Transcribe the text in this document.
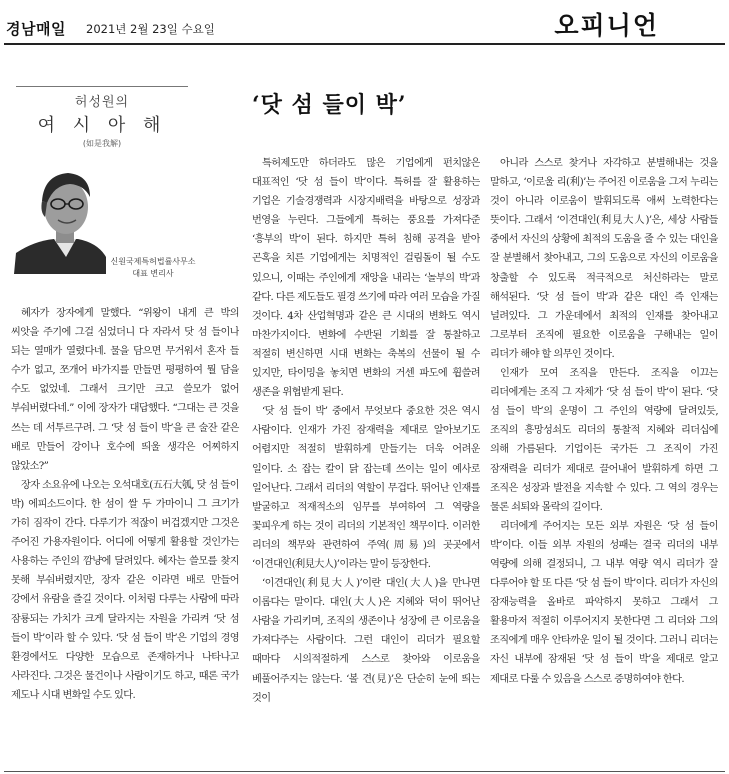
경남매일 2021년 2월 23일 수요일	오피니언
허성원의
여 시 아 해
(如是我解)
신원국제특허법률사무소
대표 변리사
‘닷 섬 들이 박’

혜자가 장자에게 말했다. “위왕이 내게 큰 박의 씨앗을 주기에 그걸 심었더니 다 자라서 닷 섬 들이나 되는 열매가 열렸다네. 물을 담으면 무거워서 혼자 들 수가 없고, 쪼개어 바가지를 만들면 평평하여 뭘 담을 수도 없었네. 그래서 크기만 크고 쓸모가 없어 부숴버렸다네.” 이에 장자가 대답했다. “그대는 큰 것을 쓰는 데 서투르구려. 그 ‘닷 섬 들이 박’을 큰 술잔 같은 배로 만들어 강이나 호수에 띄울 생각은 어찌하지 않았소?”

장자 소요유에 나오는 오석대호(五石大瓠, 닷 섬 들이 박) 에피소드이다. 한 섬이 쌀 두 가마이니 그 크기가 가히 짐작이 간다. 다루기가 적잖이 버겁겠지만 그것은 주어진 가용자원이다. 어디에 어떻게 활용할 것인가는 사용하는 주인의 깜냥에 달려있다. 혜자는 쓸모를 찾지 못해 부숴버렸지만, 장자 같은 이라면 배로 만들어 강에서 유람을 즐길 것이다. 이처럼 다루는 사람에 따라 잠룡되는 가치가 크게 달라지는 자원을 가리켜 ‘닷 섬 들이 박’이라 할 수 있다. ‘닷 섬 들이 박’은 기업의 경영 환경에서도 다양한 모습으로 존재하거나 나타나고 사라진다. 그것은 물건이나 사람이기도 하고, 때론 국가 제도나 시대 변화일 수도 있다.

특허제도만 하더라도 많은 기업에게 펀치않은 대표적인 ‘닷 섬 들이 박’이다. 특허를 잘 활용하는 기업은 기술경쟁력과 시장지배력을 바탕으로 성장과 번영을 누린다. 그들에게 특허는 풍요를 가져다준 ‘흥부의 박’이 된다. 하지만 특허 침해 공격을 받아 곤혹을 치른 기업에게는 치명적인 걸림돌이 될 수도 있으니, 이때는 주인에게 재앙을 내리는 ‘놀부의 박’과 같다. 다른 제도들도 필경 쓰기에 따라 여러 모습을 가질 것이다. 4차 산업혁명과 같은 큰 시대의 변화도 역시 마찬가지이다. 변화에 수반된 기회를 잘 통찰하고 적절히 변신하면 시대 변화는 축복의 선물이 될 수 있지만, 타이밍을 놓치면 변화의 거센 파도에 휩쓸려 생존을 위협받게 된다.

‘닷 섬 들이 박’ 중에서 무엇보다 중요한 것은 역시 사람이다. 인재가 가진 잠재력을 제대로 알아보기도 어렵지만 적절히 발휘하게 만들기는 더욱 어려운 일이다. 소 잡는 칼이 닭 잡는데 쓰이는 일이 예사로 일어난다. 그래서 리더의 역할이 무겁다. 뛰어난 인재를 발굴하고 적재적소의 임무를 부여하여 그 역량을 꽃피우게 하는 것이 리더의 기본적인 책무이다. 이러한 리더의 책무와 관련하여 주역(周易)의 곳곳에서 ‘이견대인(利見大人)’이라는 말이 등장한다.

‘이견대인(利見大人)’이란 대인(大人)을 만나면 이롭다는 말이다. 대인(大人)은 지혜와 덕이 뛰어난 사람을 가리키며, 조직의 생존이나 성장에 큰 이로움을 가져다주는 사람이다. 그런 대인이 리더가 필요할 때마다 시의적절하게 스스로 찾아와 이로움을 베풀어주지는 않는다. ‘볼 견(見)’은 단순히 눈에 띄는 것이

아니라 스스로 찾거나 자각하고 분별해내는 것을 말하고, ‘이로울 리(利)’는 주어진 이로움을 그저 누리는 것이 아니라 이로움이 발휘되도록 애써 노력한다는 뜻이다. 그래서 ‘이견대인(利見大人)’은, 세상 사람들 중에서 자신의 상황에 최적의 도움을 줄 수 있는 대인을 잘 분별해서 찾아내고, 그의 도움으로 자신의 이로움을 창출할 수 있도록 적극적으로 처신하라는 말로 해석된다. ‘닷 섬 들이 박’과 같은 대인 즉 인재는 널려있다. 그 가운데에서 최적의 인재를 찾아내고 그로부터 조직에 필요한 이로움을 구해내는 일이 리더가 해야 할 의무인 것이다.

인재가 모여 조직을 만든다. 조직을 이끄는 리더에게는 조직 그 자체가 ‘닷 섬 들이 박’이 된다. ‘닷 섬 들이 박’의 운명이 그 주인의 역량에 달려있듯, 조직의 흥망성쇠도 리더의 통찰적 지혜와 리더십에 의해 가름된다. 기업이든 국가든 그 조직이 가진 잠재력을 리더가 제대로 끌어내어 발휘하게 하면 그 조직은 성장과 발전을 지속할 수 있다. 그 역의 경우는 물론 쇠퇴와 몰락의 길이다.

리더에게 주어지는 모든 외부 자원은 ‘닷 섬 들이 박’이다. 이들 외부 자원의 성패는 결국 리더의 내부 역량에 의해 결정되니, 그 내부 역량 역시 리더가 잘 다루어야 할 또 다른 ‘닷 섬 들이 박’이다. 리더가 자신의 잠재능력을 올바로 파악하지 못하고 그래서 그 활용마저 적절히 이루어지지 못한다면 그 리더와 그의 조직에게 매우 안타까운 일이 될 것이다. 그러니 리더는 자신 내부에 잠재된 ‘닷 섬 들이 박’을 제대로 알고 제대로 다룰 수 있음을 스스로 증명하여야 한다.
